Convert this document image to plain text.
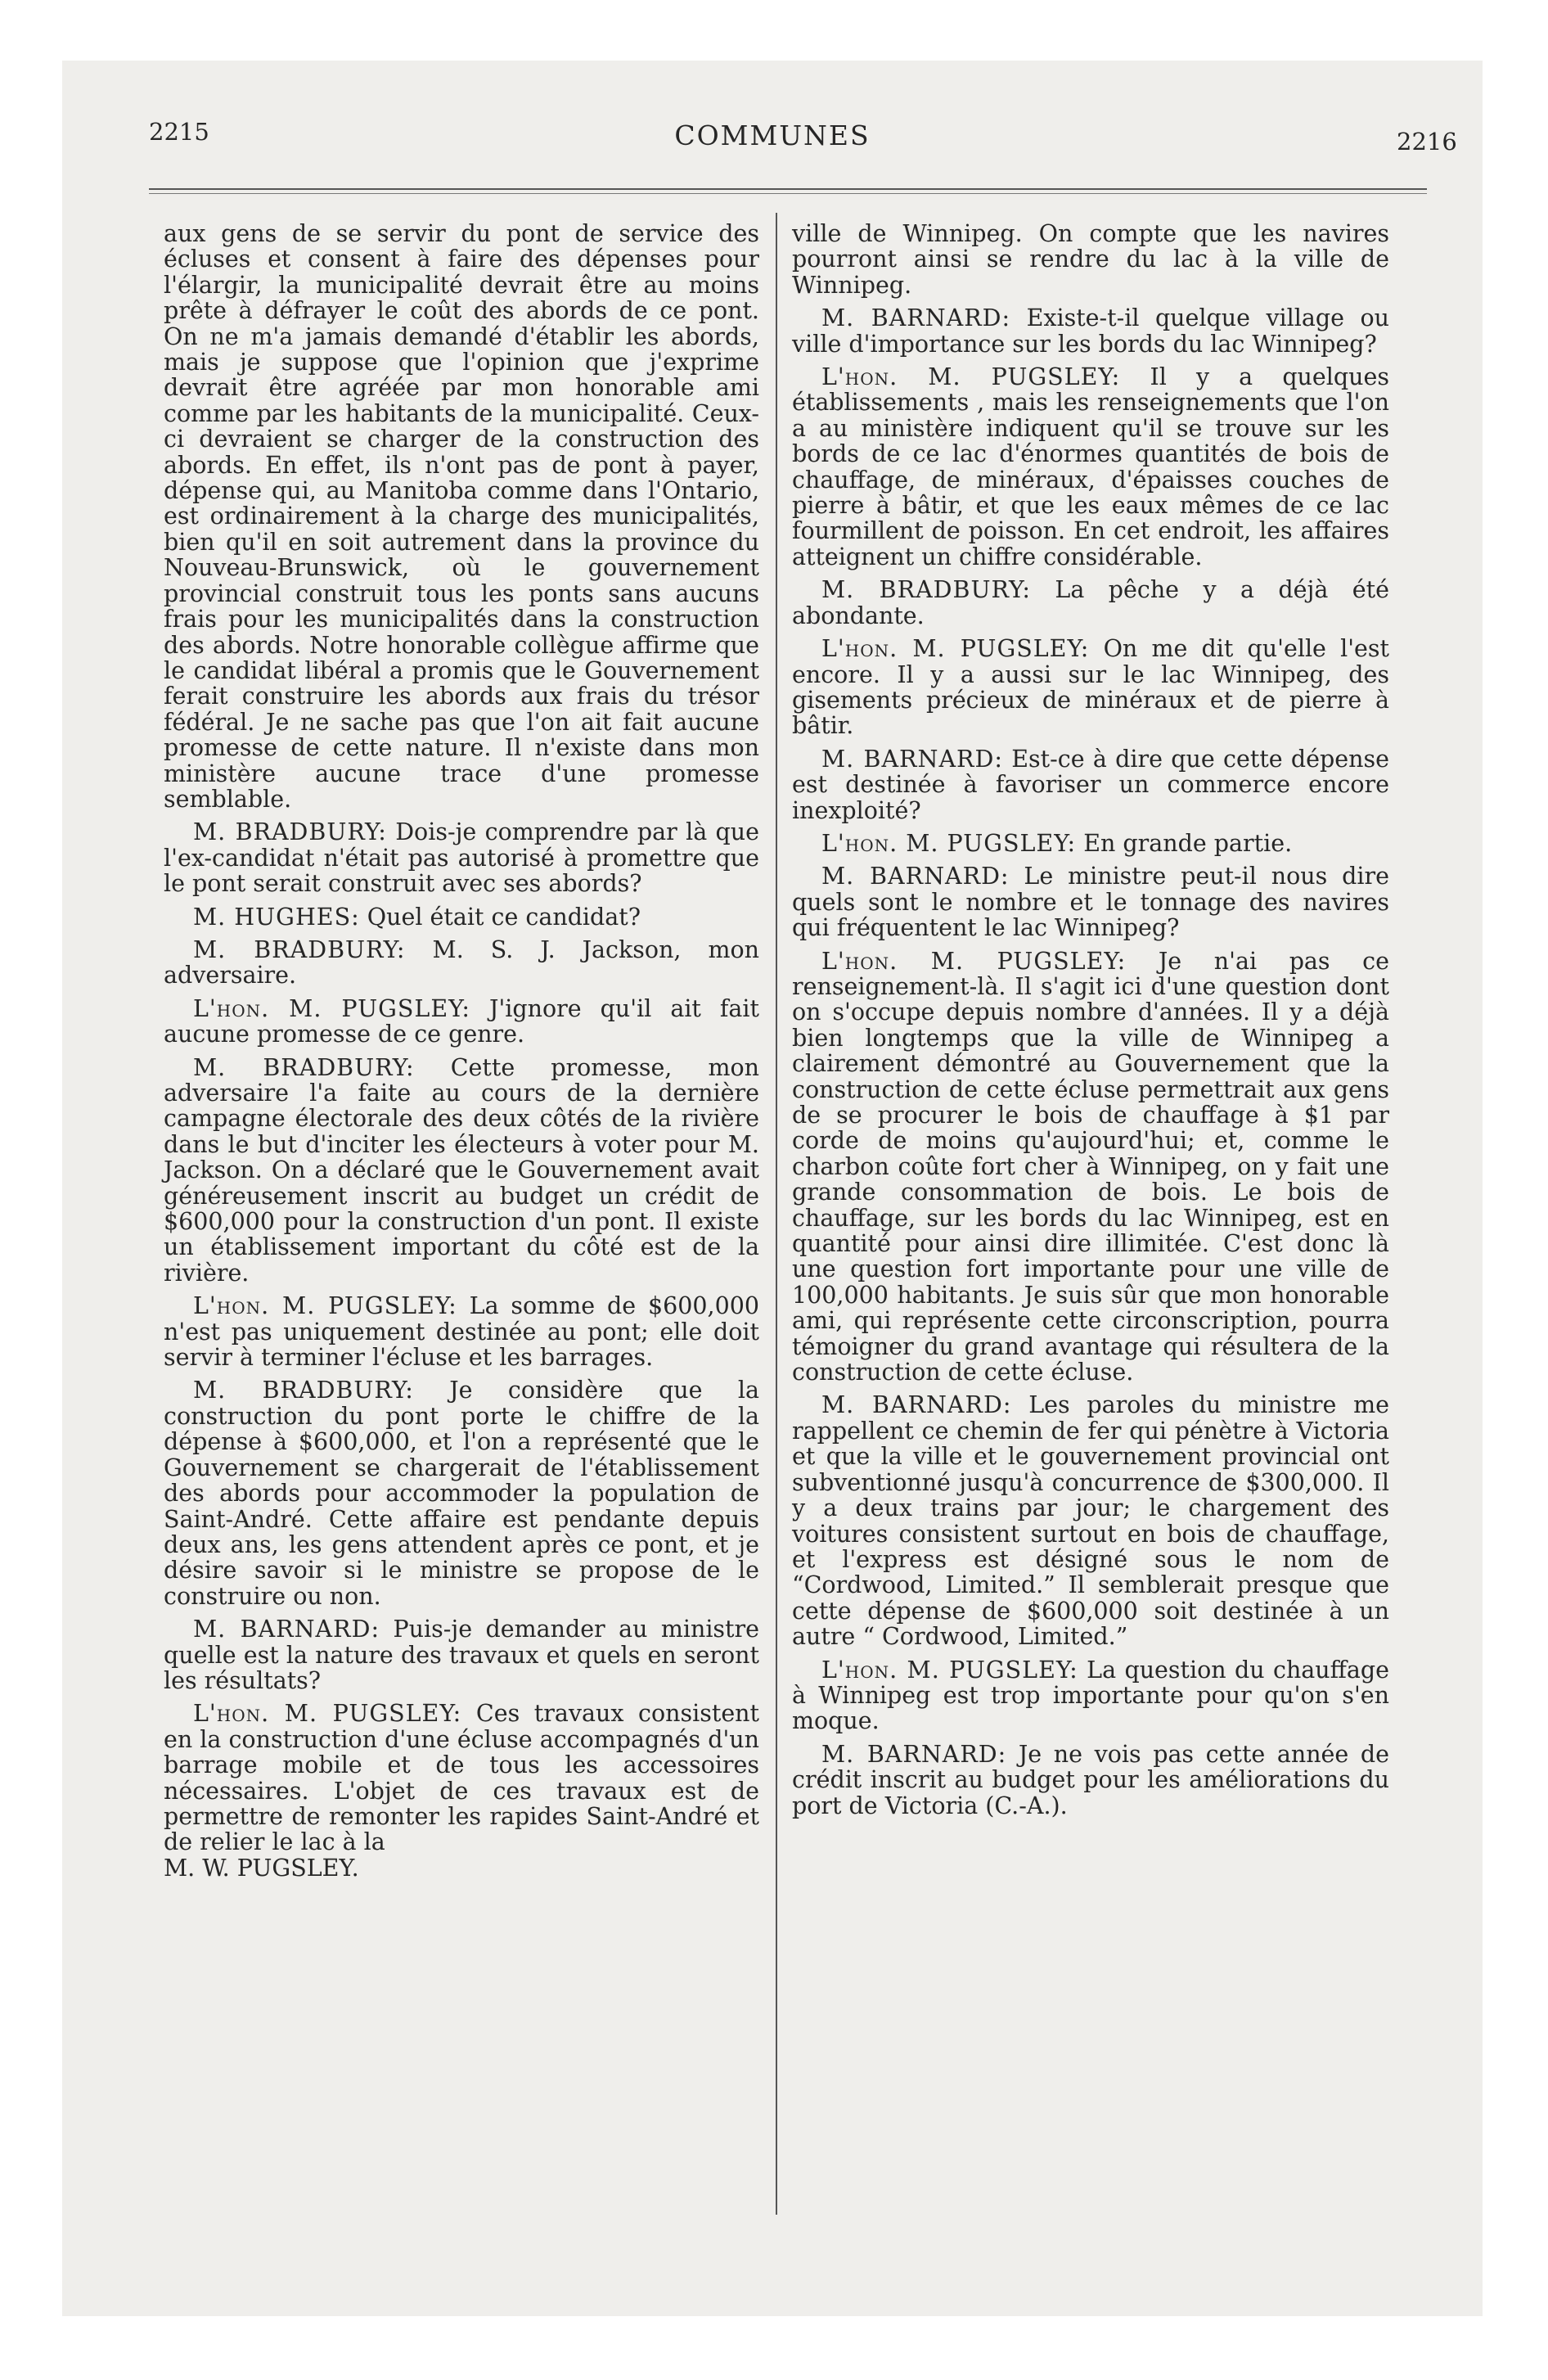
2215	COMMUNES	2216

aux gens de se servir du pont de service des écluses et consent à faire des dépenses pour l'élargir, la municipalité devrait être au moins prête à défrayer le coût des abords de ce pont. On ne m'a jamais demandé d'établir les abords, mais je suppose que l'opinion que j'exprime devrait être agréée par mon honorable ami comme par les habitants de la municipalité. Ceux-ci devraient se charger de la construction des abords. En effet, ils n'ont pas de pont à payer, dépense qui, au Manitoba comme dans l'Ontario, est ordinairement à la charge des municipalités, bien qu'il en soit autrement dans la province du Nouveau-Brunswick, où le gouvernement provincial construit tous les ponts sans aucuns frais pour les municipalités dans la construction des abords. Notre honorable collègue affirme que le candidat libéral a promis que le Gouvernement ferait construire les abords aux frais du trésor fédéral. Je ne sache pas que l'on ait fait aucune promesse de cette nature. Il n'existe dans mon ministère aucune trace d'une promesse semblable.

M. BRADBURY: Dois-je comprendre par là que l'ex-candidat n'était pas autorisé à promettre que le pont serait construit avec ses abords?

M. HUGHES: Quel était ce candidat?

M. BRADBURY: M. S. J. Jackson, mon adversaire.

L'hon. M. PUGSLEY: J'ignore qu'il ait fait aucune promesse de ce genre.

M. BRADBURY: Cette promesse, mon adversaire l'a faite au cours de la dernière campagne électorale des deux côtés de la rivière dans le but d'inciter les électeurs à voter pour M. Jackson. On a déclaré que le Gouvernement avait généreusement inscrit au budget un crédit de $600,000 pour la construction d'un pont. Il existe un établissement important du côté est de la rivière.

L'hon. M. PUGSLEY: La somme de $600,000 n'est pas uniquement destinée au pont; elle doit servir à terminer l'écluse et les barrages.

M. BRADBURY: Je considère que la construction du pont porte le chiffre de la dépense à $600,000, et l'on a représenté que le Gouvernement se chargerait de l'établissement des abords pour accommoder la population de Saint-André. Cette affaire est pendante depuis deux ans, les gens attendent après ce pont, et je désire savoir si le ministre se propose de le construire ou non.

M. BARNARD: Puis-je demander au ministre quelle est la nature des travaux et quels en seront les résultats?

L'hon. M. PUGSLEY: Ces travaux consistent en la construction d'une écluse accompagnés d'un barrage mobile et de tous les accessoires nécessaires. L'objet de ces travaux est de permettre de remonter les rapides Saint-André et de relier le lac à la

M. W. PUGSLEY.

ville de Winnipeg. On compte que les navires pourront ainsi se rendre du lac à la ville de Winnipeg.

M. BARNARD: Existe-t-il quelque village ou ville d'importance sur les bords du lac Winnipeg?

L'hon. M. PUGSLEY: Il y a quelques établissements , mais les renseignements que l'on a au ministère indiquent qu'il se trouve sur les bords de ce lac d'énormes quantités de bois de chauffage, de minéraux, d'épaisses couches de pierre à bâtir, et que les eaux mêmes de ce lac fourmillent de poisson. En cet endroit, les affaires atteignent un chiffre considérable.

M. BRADBURY: La pêche y a déjà été abondante.

L'hon. M. PUGSLEY: On me dit qu'elle l'est encore. Il y a aussi sur le lac Winnipeg, des gisements précieux de minéraux et de pierre à bâtir.

M. BARNARD: Est-ce à dire que cette dépense est destinée à favoriser un commerce encore inexploité?

L'hon. M. PUGSLEY: En grande partie.

M. BARNARD: Le ministre peut-il nous dire quels sont le nombre et le tonnage des navires qui fréquentent le lac Winnipeg?

L'hon. M. PUGSLEY: Je n'ai pas ce renseignement-là. Il s'agit ici d'une question dont on s'occupe depuis nombre d'années. Il y a déjà bien longtemps que la ville de Winnipeg a clairement démontré au Gouvernement que la construction de cette écluse permettrait aux gens de se procurer le bois de chauffage à $1 par corde de moins qu'aujourd'hui; et, comme le charbon coûte fort cher à Winnipeg, on y fait une grande consommation de bois. Le bois de chauffage, sur les bords du lac Winnipeg, est en quantité pour ainsi dire illimitée. C'est donc là une question fort importante pour une ville de 100,000 habitants. Je suis sûr que mon honorable ami, qui représente cette circonscription, pourra témoigner du grand avantage qui résultera de la construction de cette écluse.

M. BARNARD: Les paroles du ministre me rappellent ce chemin de fer qui pénètre à Victoria et que la ville et le gouvernement provincial ont subventionné jusqu'à concurrence de $300,000. Il y a deux trains par jour; le chargement des voitures consistent surtout en bois de chauffage, et l'express est désigné sous le nom de “Cordwood, Limited.” Il semblerait presque que cette dépense de $600,000 soit destinée à un autre “ Cordwood, Limited.”

L'hon. M. PUGSLEY: La question du chauffage à Winnipeg est trop importante pour qu'on s'en moque.

M. BARNARD: Je ne vois pas cette année de crédit inscrit au budget pour les améliorations du port de Victoria (C.-A.).
